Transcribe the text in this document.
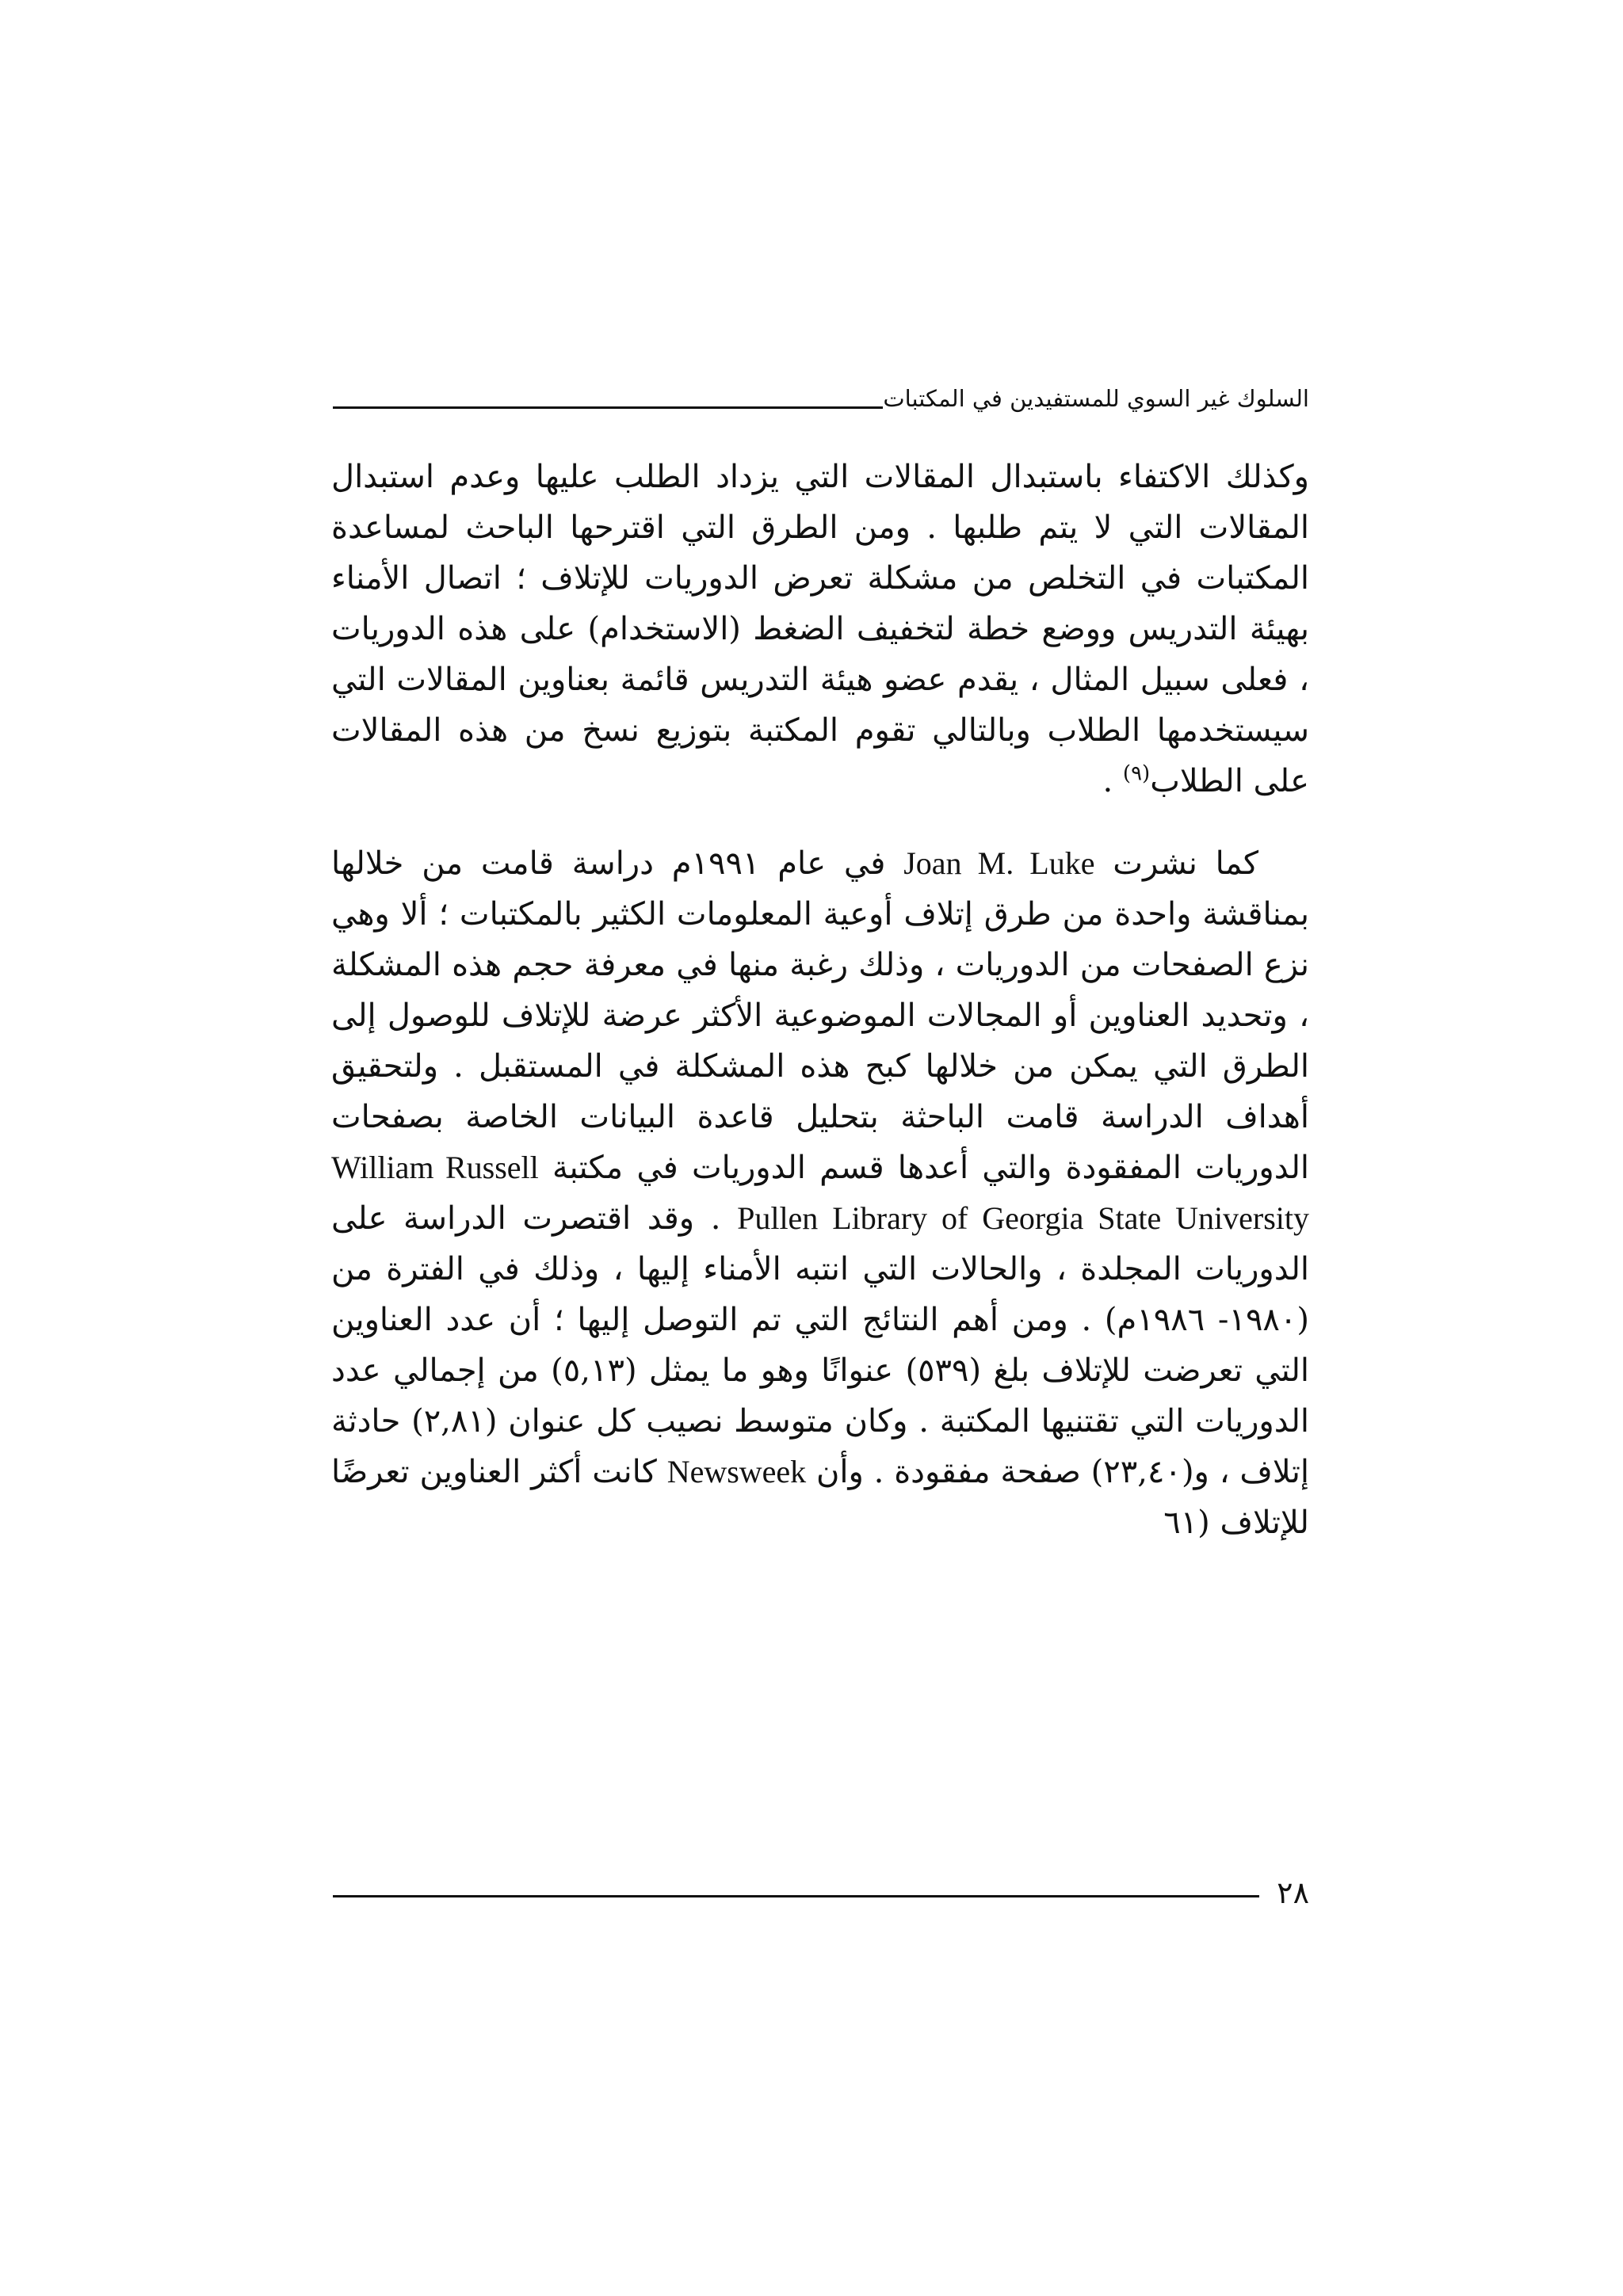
السلوك غير السوي للمستفيدين في المكتبات

وكذلك الاكتفاء باستبدال المقالات التي يزداد الطلب عليها وعدم استبدال المقالات التي لا يتم طلبها . ومن الطرق التي اقترحها الباحث لمساعدة المكتبات في التخلص من مشكلة تعرض الدوريات للإتلاف ؛ اتصال الأمناء بهيئة التدريس ووضع خطة لتخفيف الضغط (الاستخدام) على هذه الدوريات ، فعلى سبيل المثال ، يقدم عضو هيئة التدريس قائمة بعناوين المقالات التي سيستخدمها الطلاب وبالتالي تقوم المكتبة بتوزيع نسخ من هذه المقالات على الطلاب$^{(٩)}$ .

كما نشرت Joan M. Luke في عام ١٩٩١م دراسة قامت من خلالها بمناقشة واحدة من طرق إتلاف أوعية المعلومات الكثير بالمكتبات ؛ ألا وهي نزع الصفحات من الدوريات ، وذلك رغبة منها في معرفة حجم هذه المشكلة ، وتحديد العناوين أو المجالات الموضوعية الأكثر عرضة للإتلاف للوصول إلى الطرق التي يمكن من خلالها كبح هذه المشكلة في المستقبل . ولتحقيق أهداف الدراسة قامت الباحثة بتحليل قاعدة البيانات الخاصة بصفحات الدوريات المفقودة والتي أعدها قسم الدوريات في مكتبة William Russell Pullen Library of Georgia State University . وقد اقتصرت الدراسة على الدوريات المجلدة ، والحالات التي انتبه الأمناء إليها ، وذلك في الفترة من (١٩٨٠- ١٩٨٦م) . ومن أهم النتائج التي تم التوصل إليها ؛ أن عدد العناوين التي تعرضت للإتلاف بلغ (٥٣٩) عنوانًا وهو ما يمثل (٥,١٣) من إجمالي عدد الدوريات التي تقتنيها المكتبة . وكان متوسط نصيب كل عنوان (٢,٨١) حادثة إتلاف ، و(٢٣,٤٠) صفحة مفقودة . وأن Newsweek كانت أكثر العناوين تعرضًا للإتلاف (٦١

٢٨
